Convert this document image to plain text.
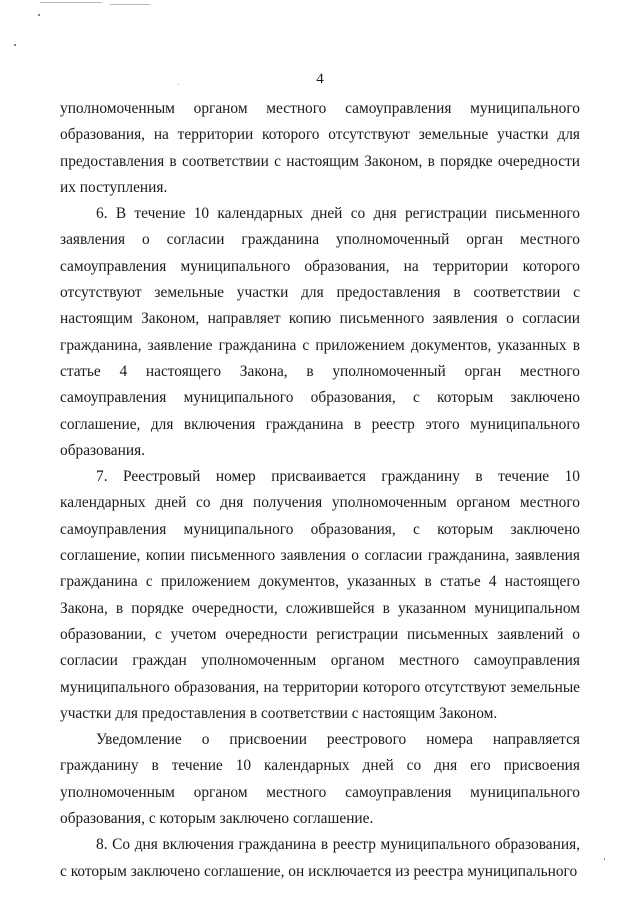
4

уполномоченным органом местного самоуправления муниципального образования, на территории которого отсутствуют земельные участки для предоставления в соответствии с настоящим Законом, в порядке очередности их поступления.

6. В течение 10 календарных дней со дня регистрации письменного заявления о согласии гражданина уполномоченный орган местного самоуправления муниципального образования, на территории которого отсутствуют земельные участки для предоставления в соответствии с настоящим Законом, направляет копию письменного заявления о согласии гражданина, заявление гражданина с приложением документов, указанных в статье 4 настоящего Закона, в уполномоченный орган местного самоуправления муниципального образования, с которым заключено соглашение, для включения гражданина в реестр этого муниципального образования.

7. Реестровый номер присваивается гражданину в течение 10 календарных дней со дня получения уполномоченным органом местного самоуправления муниципального образования, с которым заключено соглашение, копии письменного заявления о согласии гражданина, заявления гражданина с приложением документов, указанных в статье 4 настоящего Закона, в порядке очередности, сложившейся в указанном муниципальном образовании, с учетом очередности регистрации письменных заявлений о согласии граждан уполномоченным органом местного самоуправления муниципального образования, на территории которого отсутствуют земельные участки для предоставления в соответствии с настоящим Законом.

Уведомление о присвоении реестрового номера направляется гражданину в течение 10 календарных дней со дня его присвоения уполномоченным органом местного самоуправления муниципального образования, с которым заключено соглашение.

8. Со дня включения гражданина в реестр муниципального образования, с которым заключено соглашение, он исключается из реестра муниципального
